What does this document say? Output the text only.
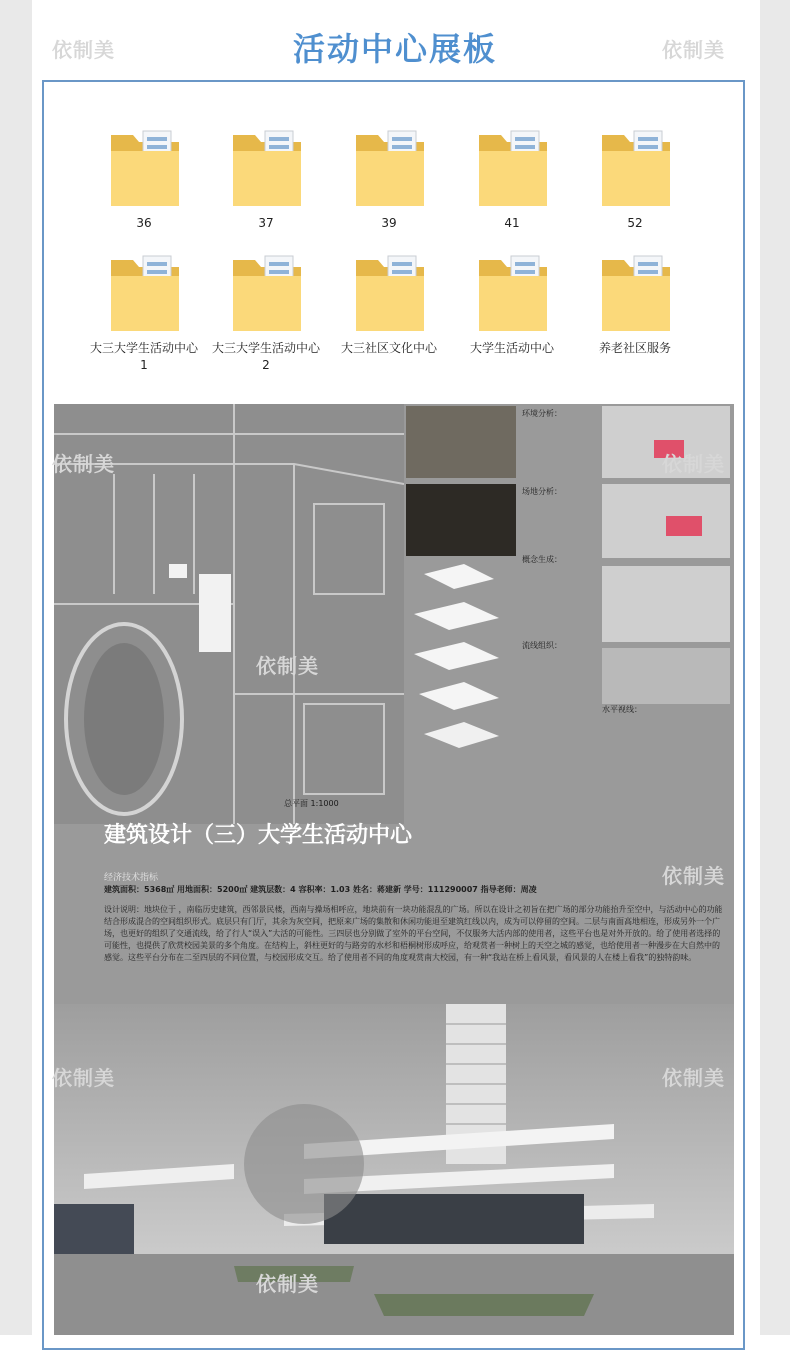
活动中心展板
依制美	依制美
36	37	39	41	52
大三大学生活动中心1
大三大学生活动中心2
大三社区文化中心	大学生活动中心	养老社区服务
总平面 1:1000
环境分析：
场地分析：
概念生成：
流线组织：
水平视线：
建筑设计（三）大学生活动中心
经济技术指标
建筑面积：5368㎡ 用地面积：5200㎡ 建筑层数：4 容积率：1.03 姓名：蒋建新 学号：111290007 指导老师：周凌
设计说明：地块位于 ，南临历史建筑，西邻景民楼，西南与操场相呼应，地块前有一块功能混乱的广场。所以在设计之初旨在把广场的部分功能抬升至空中，与活动中心的功能结合形成混合的空间组织形式。底层只有门厅，其余为灰空间，把原来广场的集散和休闲功能退至建筑红线以内，成为可以停留的空间。二层与南面高地相连，形成另外一个广场，也更好的组织了交通流线，给了行人“误入”大活的可能性。三四层也分别做了室外的平台空间，不仅服务大活内部的使用者，这些平台也是对外开放的。给了使用者选择的可能性，也提供了欣赏校园美景的多个角度。在结构上，斜柱更好的与路旁的水杉和梧桐树形成呼应，给观赏者一种树上的天空之城的感觉，也给使用者一种漫步在大自然中的感觉。这些平台分布在二至四层的不同位置，与校园形成交互。给了使用者不同的角度观赏南大校园，有一种“我站在桥上看风景，看风景的人在楼上看我”的独特韵味。
依制美	依制美
依制美
依制美
依制美	依制美
依制美
